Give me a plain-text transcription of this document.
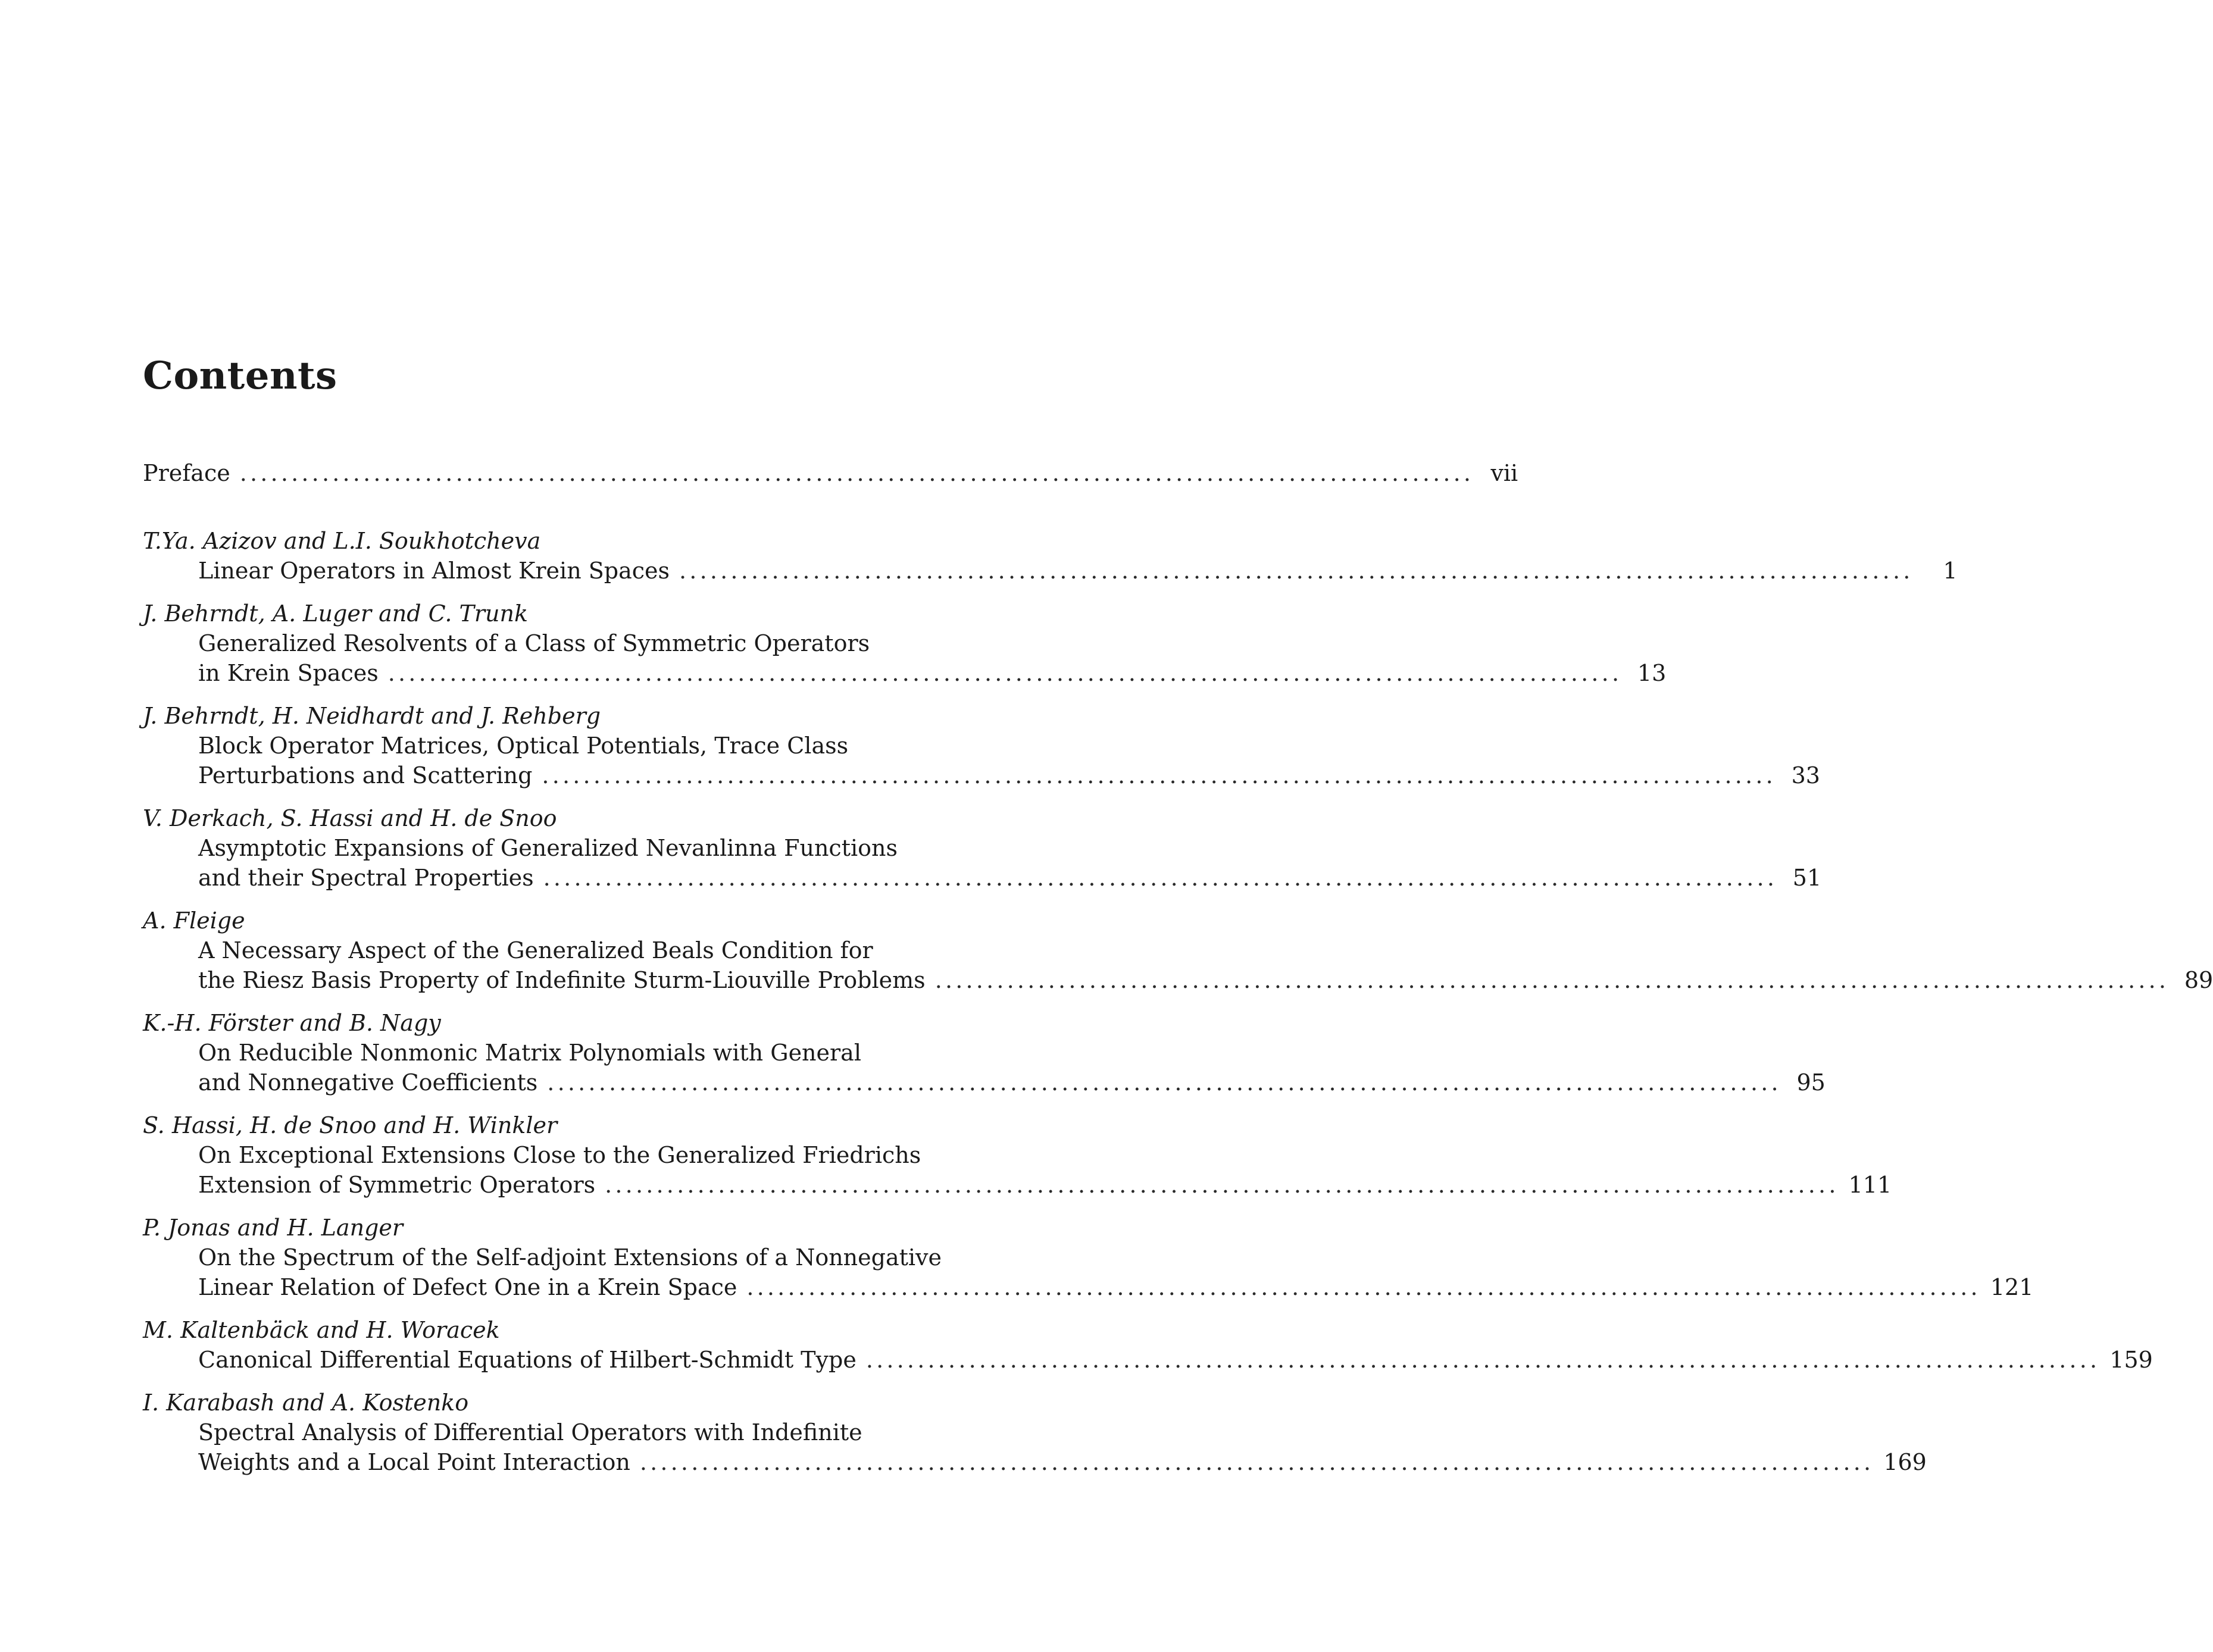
Contents
Preface ........................................................................................................................ vii
T.Ya. Azizov and L.I. Soukhotcheva
Linear Operators in Almost Krein Spaces ........................................................................................................................	1
J. Behrndt, A. Luger and C. Trunk
Generalized Resolvents of a Class of Symmetric Operators
in Krein Spaces ........................................................................................................................ 13
J. Behrndt, H. Neidhardt and J. Rehberg
Block Operator Matrices, Optical Potentials, Trace Class
Perturbations and Scattering ........................................................................................................................ 33
V. Derkach, S. Hassi and H. de Snoo
Asymptotic Expansions of Generalized Nevanlinna Functions
and their Spectral Properties ........................................................................................................................ 51
A. Fleige
A Necessary Aspect of the Generalized Beals Condition for
the Riesz Basis Property of Indefinite Sturm-Liouville Problems ........................................................................................................................ 89
K.-H. Förster and B. Nagy
On Reducible Nonmonic Matrix Polynomials with General
and Nonnegative Coefficients ........................................................................................................................ 95
S. Hassi, H. de Snoo and H. Winkler
On Exceptional Extensions Close to the Generalized Friedrichs
Extension of Symmetric Operators ........................................................................................................................ 111
P. Jonas and H. Langer
On the Spectrum of the Self-adjoint Extensions of a Nonnegative
Linear Relation of Defect One in a Krein Space ........................................................................................................................ 121
M. Kaltenbäck and H. Woracek
Canonical Differential Equations of Hilbert-Schmidt Type ........................................................................................................................ 159
I. Karabash and A. Kostenko
Spectral Analysis of Differential Operators with Indefinite
Weights and a Local Point Interaction ........................................................................................................................ 169
